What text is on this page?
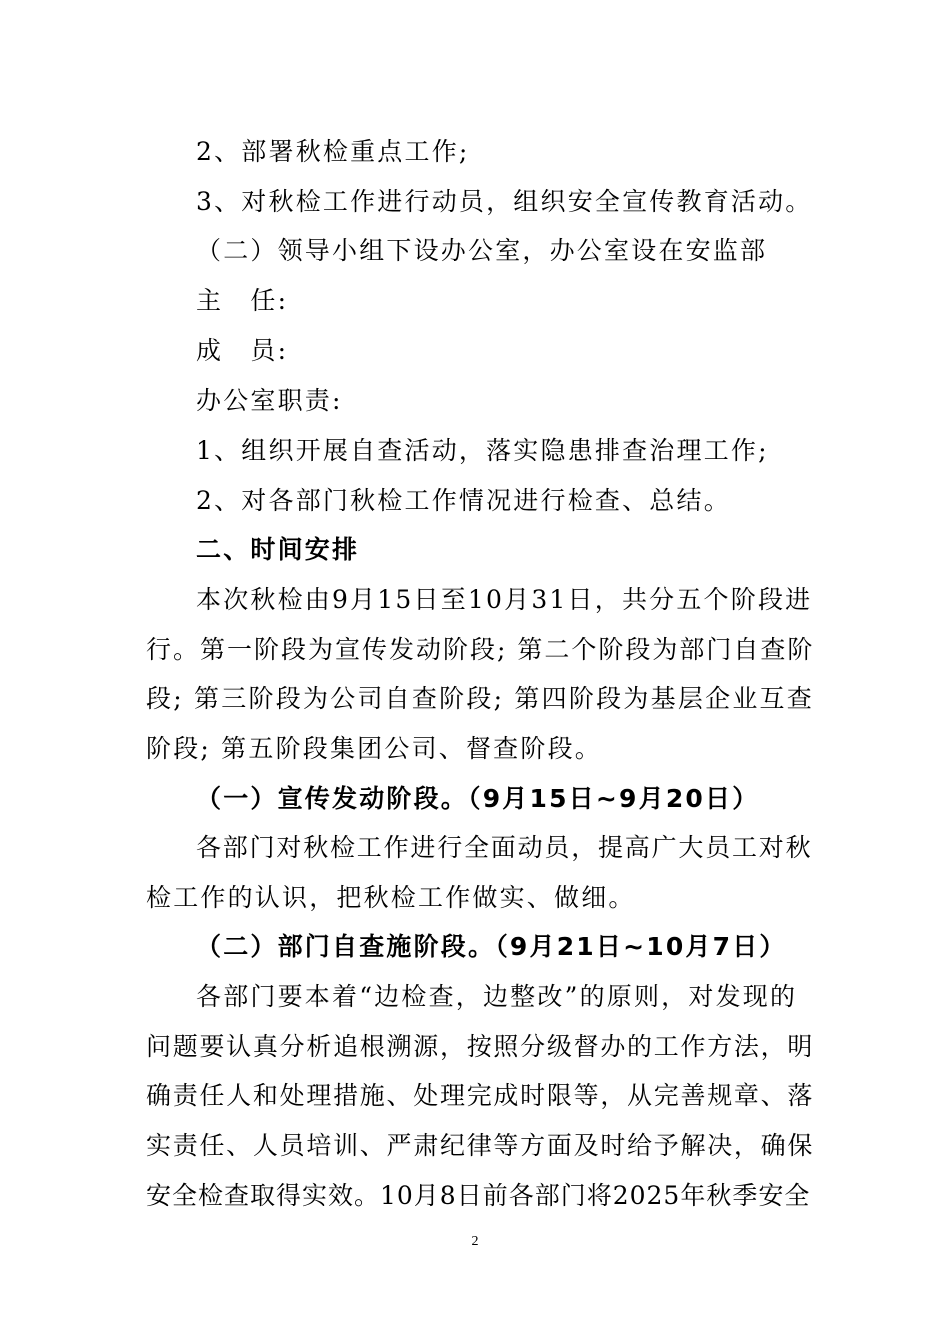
2、部署秋检重点工作;
3、对秋检工作进行动员，组织安全宣传教育活动。
（二）领导小组下设办公室，办公室设在安监部
主　任:
成　员:
办公室职责:
1、组织开展自查活动，落实隐患排查治理工作;
2、对各部门秋检工作情况进行检查、总结。
二、时间安排
本次秋检由9月15日至10月31日，共分五个阶段进
行。第一阶段为宣传发动阶段; 第二个阶段为部门自查阶
段; 第三阶段为公司自查阶段; 第四阶段为基层企业互查
阶段; 第五阶段集团公司、督查阶段。
（一）宣传发动阶段。（9月15日~9月20日）
各部门对秋检工作进行全面动员，提高广大员工对秋
检工作的认识，把秋检工作做实、做细。
（二）部门自查施阶段。（9月21日~10月7日）
各部门要本着“边检查，边整改”的原则，对发现的
问题要认真分析追根溯源，按照分级督办的工作方法，明
确责任人和处理措施、处理完成时限等，从完善规章、落
实责任、人员培训、严肃纪律等方面及时给予解决，确保
安全检查取得实效。10月8日前各部门将2025年秋季安全
2
